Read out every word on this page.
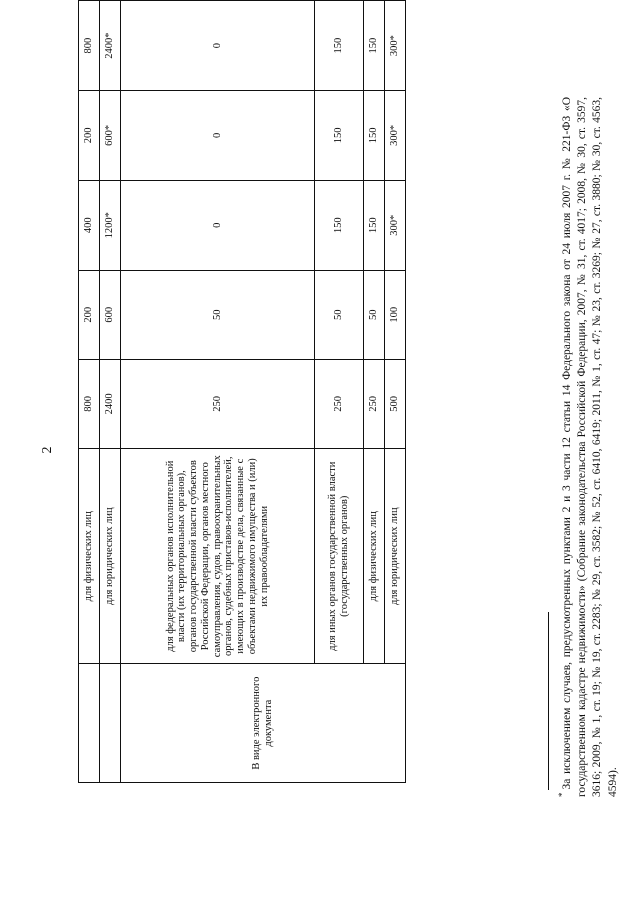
2
	для физических лиц	800	200	400	200	800
	для юридических лиц	2400	600	1200*	600*	2400*
В виде электронного документа	для федеральных органов исполнительной власти (их территориальных органов), органов государственной власти субъектов Российской Федерации, органов местного самоуправления, судов, правоохранительных органов, судебных приставов-исполнителей, имеющих в производстве дела, связанные с объектами недвижимого имущества и (или) их правообладателями	250	50	0	0	0
	для иных органов государственной власти (государственных органов)	250	50	150	150	150
	для физических лиц	250	50	150	150	150
	для юридических лиц	500	100	300*	300*	300*
*За исключением случаев, предусмотренных пунктами 2 и 3 части 12 статьи 14 Федерального закона от 24 июля 2007 г. № 221-ФЗ «О государственном кадастре недвижимости» (Собрание законодательства Российской Федерации, 2007, № 31, ст. 4017; 2008, № 30, ст. 3597, 3616; 2009, № 1, ст. 19; № 19, ст. 2283; № 29, ст. 3582; № 52, ст. 6410, 6419; 2011, № 1, ст. 47; № 23, ст. 3269; № 27, ст. 3880; № 30, ст. 4563, 4594).
